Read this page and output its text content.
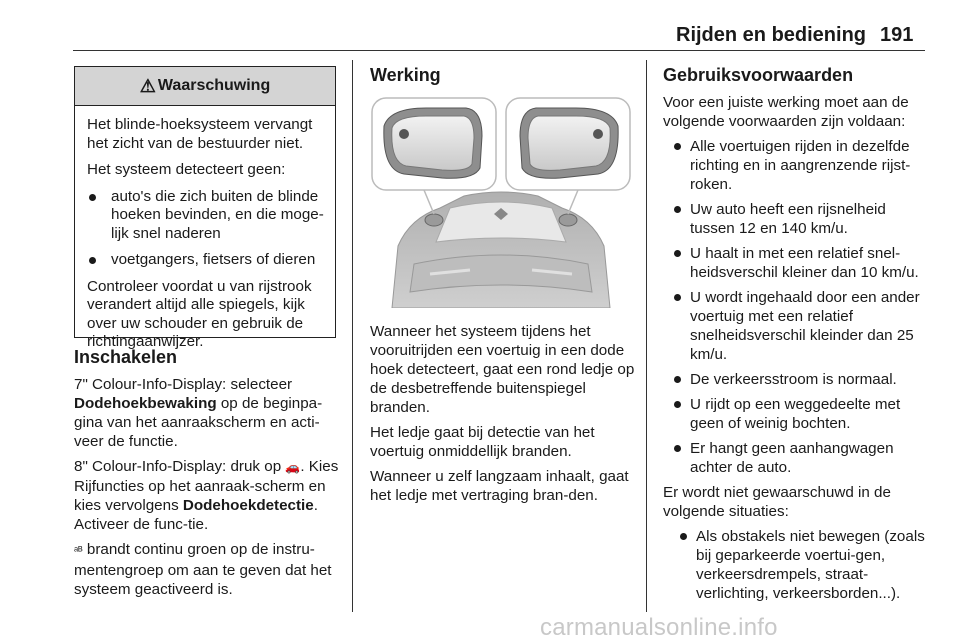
Rijden en bediening 191
⚠ Waarschuwing

Het blinde-hoeksysteem vervangt het zicht van de bestuurder niet.

Het systeem detecteert geen:

auto's die zich buiten de blinde hoeken bevinden, en die moge-lijk snel naderen
voetgangers, fietsers of dieren

Controleer voordat u van rijstrook verandert altijd alle spiegels, kijk over uw schouder en gebruik de richtingaanwijzer.

Inschakelen

7" Colour-Info-Display: selecteer Dodehoekbewaking op de beginpa-gina van het aanraakscherm en acti-veer de functie.

8" Colour-Info-Display: druk op 🚗. Kies Rijfuncties op het aanraak-scherm en kies vervolgens Dodehoekdetectie. Activeer de func-tie.

ᵃᴮ brandt continu groen op de instru-mentengroep om aan te geven dat het systeem geactiveerd is.

Werking

Wanneer het systeem tijdens het vooruitrijden een voertuig in een dode hoek detecteert, gaat een rond ledje op de desbetreffende buitenspiegel branden.

Het ledje gaat bij detectie van het voertuig onmiddellijk branden.

Wanneer u zelf langzaam inhaalt, gaat het ledje met vertraging bran-den.

Gebruiksvoorwaarden

Voor een juiste werking moet aan de volgende voorwaarden zijn voldaan:

Alle voertuigen rijden in dezelfde richting en in aangrenzende rijst-roken.
Uw auto heeft een rijsnelheid tussen 12 en 140 km/u.
U haalt in met een relatief snel-heidsverschil kleiner dan 10 km/u.
U wordt ingehaald door een ander voertuig met een relatief snelheidsverschil kleinder dan 25 km/u.
De verkeersstroom is normaal.
U rijdt op een weggedeelte met geen of weinig bochten.
Er hangt geen aanhangwagen achter de auto.

Er wordt niet gewaarschuwd in de volgende situaties:

Als obstakels niet bewegen (zoals bij geparkeerde voertui-gen, verkeersdrempels, straat-verlichting, verkeersborden...).
carmanualsonline.info
